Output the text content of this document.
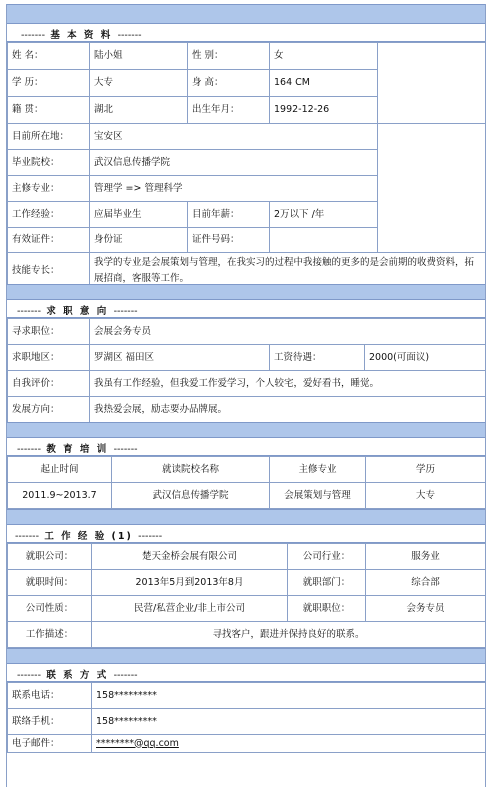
------- 基 本 资 料 -------
姓 名：	陆小姐	性 别：	女	
学 历：	大专	身 高：	164 CM	
籍 贯：	湖北	出生年月：	1992-12-26	
目前所在地：	宝安区			
毕业院校：	武汉信息传播学院			
主修专业：	管理学 => 管理科学			
工作经验：	应届毕业生	目前年薪：	2万以下 /年	
有效证件：	身份证	证件号码：		
技能专长：	我学的专业是会展策划与管理，在我实习的过程中我接触的更多的是会前期的收费资料，拓展招商，客服等工作。			
------- 求 职 意 向 -------
寻求职位：	会展会务专员		
求职地区：	罗湖区 福田区	工资待遇：	2000(可面议)
自我评价：	我虽有工作经验，但我爱工作爱学习，个人较宅，爱好看书，睡觉。		
发展方向：	我热爱会展，励志要办品牌展。		
------- 教 育 培 训 -------
起止时间	就读院校名称	主修专业	学历
2011.9~2013.7	武汉信息传播学院	会展策划与管理	大专
------- 工 作 经 验 (1) -------
就职公司：	楚天金桥会展有限公司	公司行业：	服务业
就职时间：	2013年5月到2013年8月	就职部门：	综合部
公司性质：	民营/私营企业/非上市公司	就职职位：	会务专员
工作描述：	寻找客户，跟进并保持良好的联系。		
------- 联 系 方 式 -------
联系电话：	158*********
联络手机：	158*********
电子邮件：	********@qq.com
